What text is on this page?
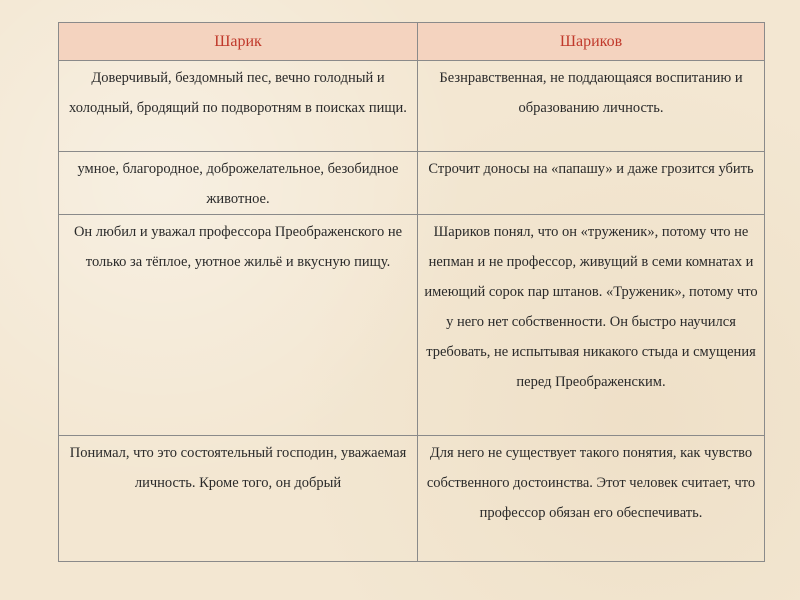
Шарик	Шариков
Доверчивый, бездомный пес, вечно голодный и холодный, бродящий по подворотням в поисках пищи.	Безнравственная, не поддающаяся воспитанию и образованию личность.
умное, благородное, доброжелательное, безобидное животное.	Строчит доносы на «папашу» и даже грозится убить
Он любил и уважал профессора Преображенского не только за тёплое, уютное жильё и вкусную пищу.	Шариков понял, что он «труженик», потому что не непман и не профессор, живущий в семи комнатах и имеющий сорок пар штанов. «Труженик», потому что у него нет собственности. Он быстро научился требовать, не испытывая никакого стыда и смущения перед Преображенским.
Понимал, что это состоятельный господин, уважаемая личность. Кроме того, он добрый	Для него не существует такого понятия, как чувство собственного достоинства. Этот человек считает, что профессор обязан его обеспечивать.
